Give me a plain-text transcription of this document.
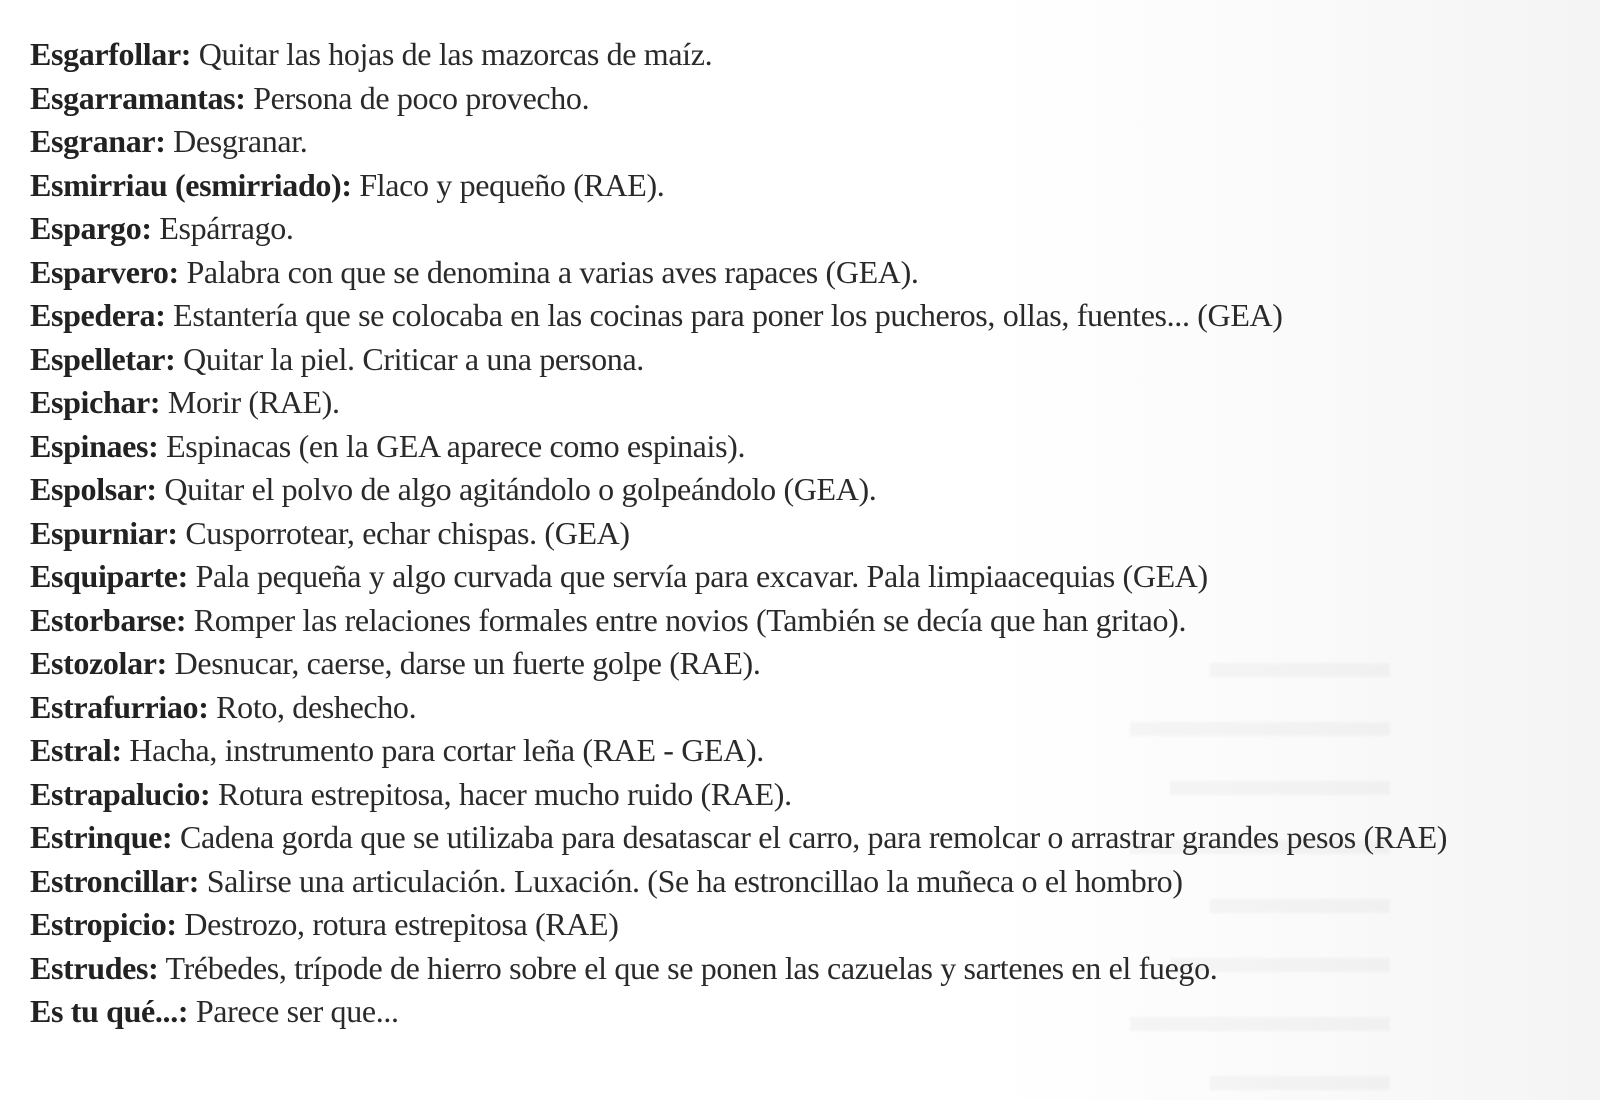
Esgarfollar: Quitar las hojas de las mazorcas de maíz.

Esgarramantas: Persona de poco provecho.

Esgranar: Desgranar.

Esmirriau (esmirriado): Flaco y pequeño (RAE).

Espargo: Espárrago.

Esparvero: Palabra con que se denomina a varias aves rapaces (GEA).

Espedera: Estantería que se colocaba en las cocinas para poner los pucheros, ollas, fuentes... (GEA)

Espelletar: Quitar la piel. Criticar a una persona.

Espichar: Morir (RAE).

Espinaes: Espinacas (en la GEA aparece como espinais).

Espolsar: Quitar el polvo de algo agitándolo o golpeándolo (GEA).

Espurniar: Cusporrotear, echar chispas. (GEA)

Esquiparte: Pala pequeña y algo curvada que servía para excavar. Pala limpiaacequias (GEA)

Estorbarse: Romper las relaciones formales entre novios (También se decía que han gritao).

Estozolar: Desnucar, caerse, darse un fuerte golpe (RAE).

Estrafurriao: Roto, deshecho.

Estral: Hacha, instrumento para cortar leña (RAE - GEA).

Estrapalucio: Rotura estrepitosa, hacer mucho ruido (RAE).

Estrinque: Cadena gorda que se utilizaba para desatascar el carro, para remolcar o arrastrar grandes pesos (RAE)

Estroncillar: Salirse una articulación. Luxación. (Se ha estroncillao la muñeca o el hombro)

Estropicio: Destrozo, rotura estrepitosa (RAE)

Estrudes: Trébedes, trípode de hierro sobre el que se ponen las cazuelas y sartenes en el fuego.

Es tu qué...: Parece ser que...
